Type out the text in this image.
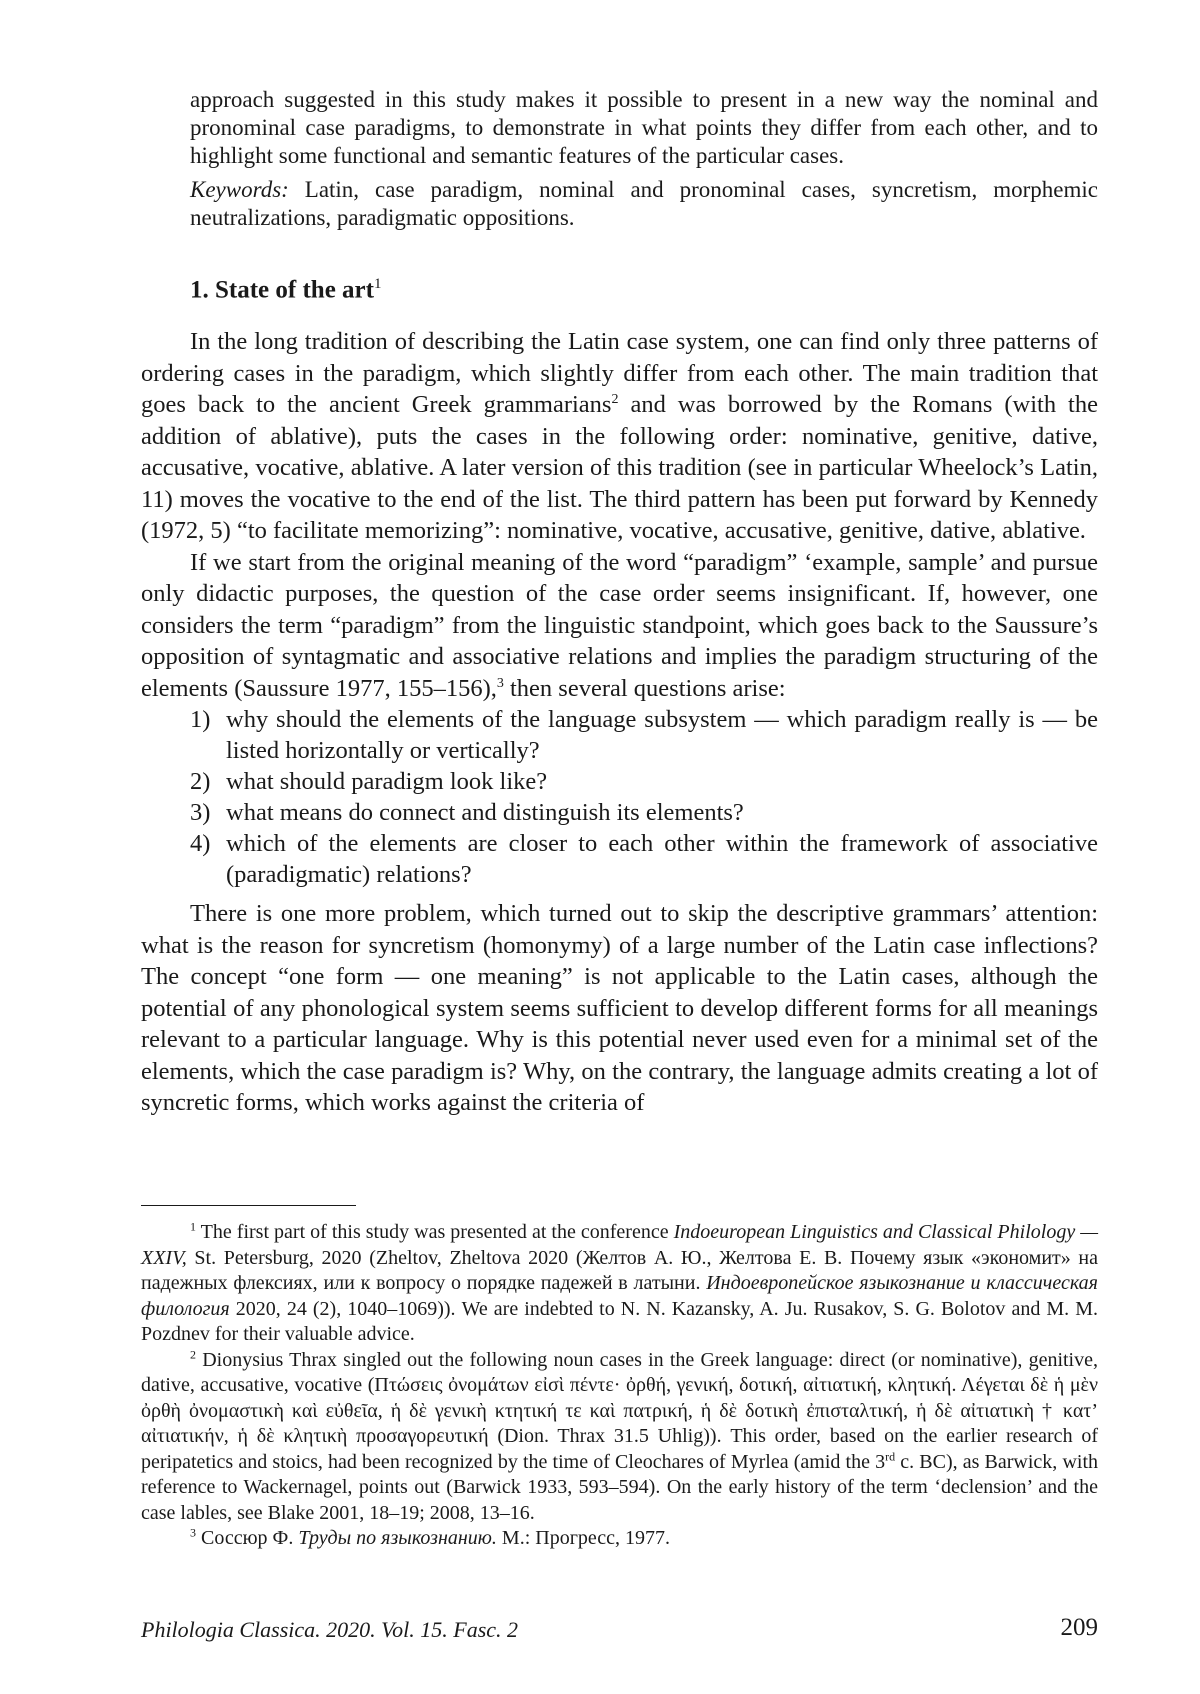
approach suggested in this study makes it possible to present in a new way the nominal and pronominal case paradigms, to demonstrate in what points they differ from each other, and to highlight some functional and semantic features of the particular cases.

Keywords: Latin, case paradigm, nominal and pronominal cases, syncretism, morphemic neutralizations, paradigmatic oppositions.

1. State of the art$^1$

In the long tradition of describing the Latin case system, one can find only three patterns of ordering cases in the paradigm, which slightly differ from each other. The main tradition that goes back to the ancient Greek grammarians$^2$ and was borrowed by the Romans (with the addition of ablative), puts the cases in the following order: nominative, genitive, dative, accusative, vocative, ablative. A later version of this tradition (see in particular Wheelock’s Latin, 11) moves the vocative to the end of the list. The third pattern has been put forward by Kennedy (1972, 5) “to facilitate memorizing”: nominative, vocative, accusative, genitive, dative, ablative.

If we start from the original meaning of the word “paradigm” ‘example, sample’ and pursue only didactic purposes, the question of the case order seems insignificant. If, however, one considers the term “paradigm” from the linguistic standpoint, which goes back to the Saussure’s opposition of syntagmatic and associative relations and implies the paradigm structuring of the elements (Saussure 1977, 155–156),$^3$ then several questions arise:

1) why should the elements of the language subsystem — which paradigm really is — be listed horizontally or vertically?
2) what should paradigm look like?
3) what means do connect and distinguish its elements?
4) which of the elements are closer to each other within the framework of associative (paradigmatic) relations?

There is one more problem, which turned out to skip the descriptive grammars’ attention: what is the reason for syncretism (homonymy) of a large number of the Latin case inflections? The concept “one form — one meaning” is not applicable to the Latin cases, although the potential of any phonological system seems sufficient to develop different forms for all meanings relevant to a particular language. Why is this potential never used even for a minimal set of the elements, which the case paradigm is? Why, on the contrary, the language admits creating a lot of syncretic forms, which works against the criteria of

$^1$ The first part of this study was presented at the conference Indoeuropean Linguistics and Classical Philology — XXIV, St. Petersburg, 2020 (Zheltov, Zheltova 2020 (Желтов А. Ю., Желтова Е. В. Почему язык «экономит» на падежных флексиях, или к вопросу о порядке падежей в латыни. Индоевропейское языкознание и классическая филология 2020, 24 (2), 1040–1069)). We are indebted to N. N. Kazansky, A. Ju. Rusakov, S. G. Bolotov and M. M. Pozdnev for their valuable advice.

$^2$ Dionysius Thrax singled out the following noun cases in the Greek language: direct (or nominative), genitive, dative, accusative, vocative (Πτώσεις ὀνομάτων εἰσὶ πέντε· ὀρθή, γενική, δοτική, αἰτιατική, κλητική. Λέγεται δὲ ἡ μὲν ὀρθὴ ὀνομαστικὴ καὶ εὐθεῖα, ἡ δὲ γενικὴ κτητική τε καὶ πατρική, ἡ δὲ δοτικὴ ἐπισταλτική, ἡ δὲ αἰτιατικὴ † κατ’ αἰτιατικήν, ἡ δὲ κλητικὴ προσαγορευτική (Dion. Thrax 31.5 Uhlig)). This order, based on the earlier research of peripatetics and stoics, had been recognized by the time of Cleochares of Myrlea (amid the 3rd c. BC), as Barwick, with reference to Wackernagel, points out (Barwick 1933, 593–594). On the early history of the term ‘declension’ and the case lables, see Blake 2001, 18–19; 2008, 13–16.

$^3$ Соссюр Ф. Труды по языкознанию. М.: Прогресс, 1977.

Philologia Classica. 2020. Vol. 15. Fasc. 2	209
